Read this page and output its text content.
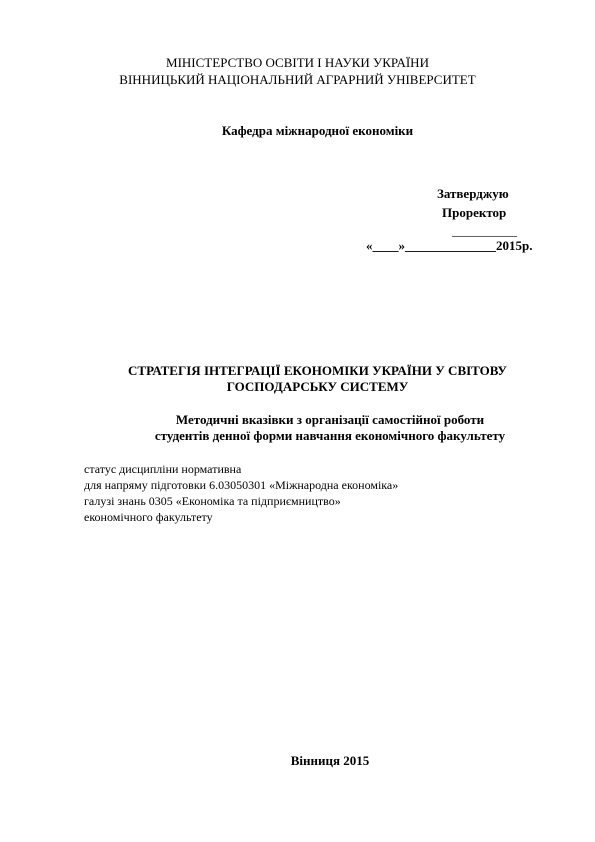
МІНІСТЕРСТВО ОСВІТИ І НАУКИ УКРАЇНИ
ВІННИЦЬКИЙ НАЦІОНАЛЬНИЙ АГРАРНИЙ УНІВЕРСИТЕТ
Кафедра міжнародної економіки
Затверджую
Проректор
__________
«____»______________2015р.
СТРАТЕГІЯ ІНТЕГРАЦІЇ ЕКОНОМІКИ УКРАЇНИ У СВІТОВУ
ГОСПОДАРСЬКУ СИСТЕМУ
Методичні вказівки з організації самостійної роботи
студентів денної форми навчання економічного факультету
статус дисципліни нормативна
для напряму підготовки 6.03050301 «Міжнародна економіка»
галузі знань 0305 «Економіка та підприємництво»
економічного факультету
Вінниця 2015
